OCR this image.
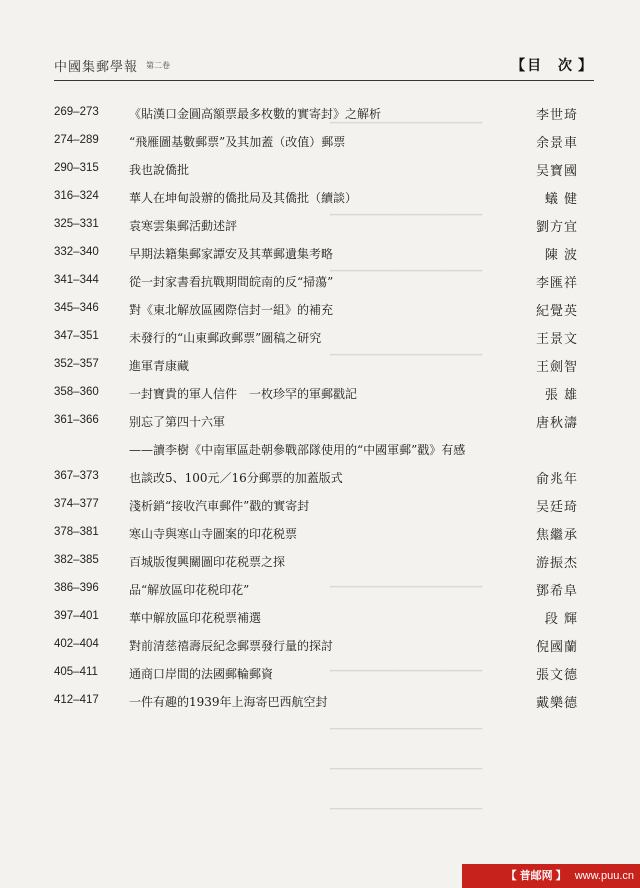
▁▁▁▁▁▁▁▁▁▁▁▁▁▁▁▁▁▁▁▁▁▁
▁▁▁▁▁▁▁▁▁▁▁▁▁▁▁▁▁▁▁▁▁▁
▁▁▁▁▁▁▁▁▁▁▁▁▁▁▁▁▁▁▁▁▁▁
▁▁▁▁▁▁▁▁▁▁▁▁▁▁▁▁▁▁▁▁▁▁
▁▁▁▁▁▁▁▁▁▁▁▁▁▁▁▁▁▁▁▁▁▁
▁▁▁▁▁▁▁▁▁▁▁▁▁▁▁▁▁▁▁▁▁▁
▁▁▁▁▁▁▁▁▁▁▁▁▁▁▁▁▁▁▁▁▁▁
▁▁▁▁▁▁▁▁▁▁▁▁▁▁▁▁▁▁▁▁▁▁
▁▁▁▁▁▁▁▁▁▁▁▁▁▁▁▁▁▁▁▁▁▁
中國集郵學報 第二卷	【目 次】
269–273	《貼漢口金圓高額票最多枚數的實寄封》之解析	李世琦
274–289	“飛雁圖基數郵票”及其加蓋（改值）郵票	余景車
290–315	我也說僑批	吴寶國
316–324	華人在坤甸設辦的僑批局及其僑批（續談）	蟻 健
325–331	袁寒雲集郵活動述評	劉方宜
332–340	早期法籍集郵家譚安及其華郵遺集考略	陳 波
341–344	從一封家書看抗戰期間皖南的反“掃蕩”	李匯祥
345–346	對《東北解放區國際信封一組》的補充	紀覺英
347–351	未發行的“山東郵政郵票”圖稿之研究	王景文
352–357	進軍青康藏	王劍智
358–360	一封寶貴的軍人信件　一枚珍罕的軍郵戳記	張 雄
361–366	别忘了第四十六軍	唐秋濤
——讀李樹《中南軍區赴朝參戰部隊使用的“中國軍郵”戳》有感
367–373	也談改5、100元／16分郵票的加蓋版式	俞兆年
374–377	淺析銷“接收汽車郵件”戳的實寄封	吴廷琦
378–381	寒山寺與寒山寺圖案的印花税票	焦繼承
382–385	百城版復興關圖印花税票之探	游振杰
386–396	品“解放區印花税印花”	鄧希阜
397–401	華中解放區印花税票補選	段 輝
402–404	對前清慈禧壽辰紀念郵票發行量的探討	倪國蘭
405–411	通商口岸間的法國郵輪郵資	張文德
412–417	一件有趣的1939年上海寄巴西航空封	戴樂德
【 普邮网 】 www.puu.cn
